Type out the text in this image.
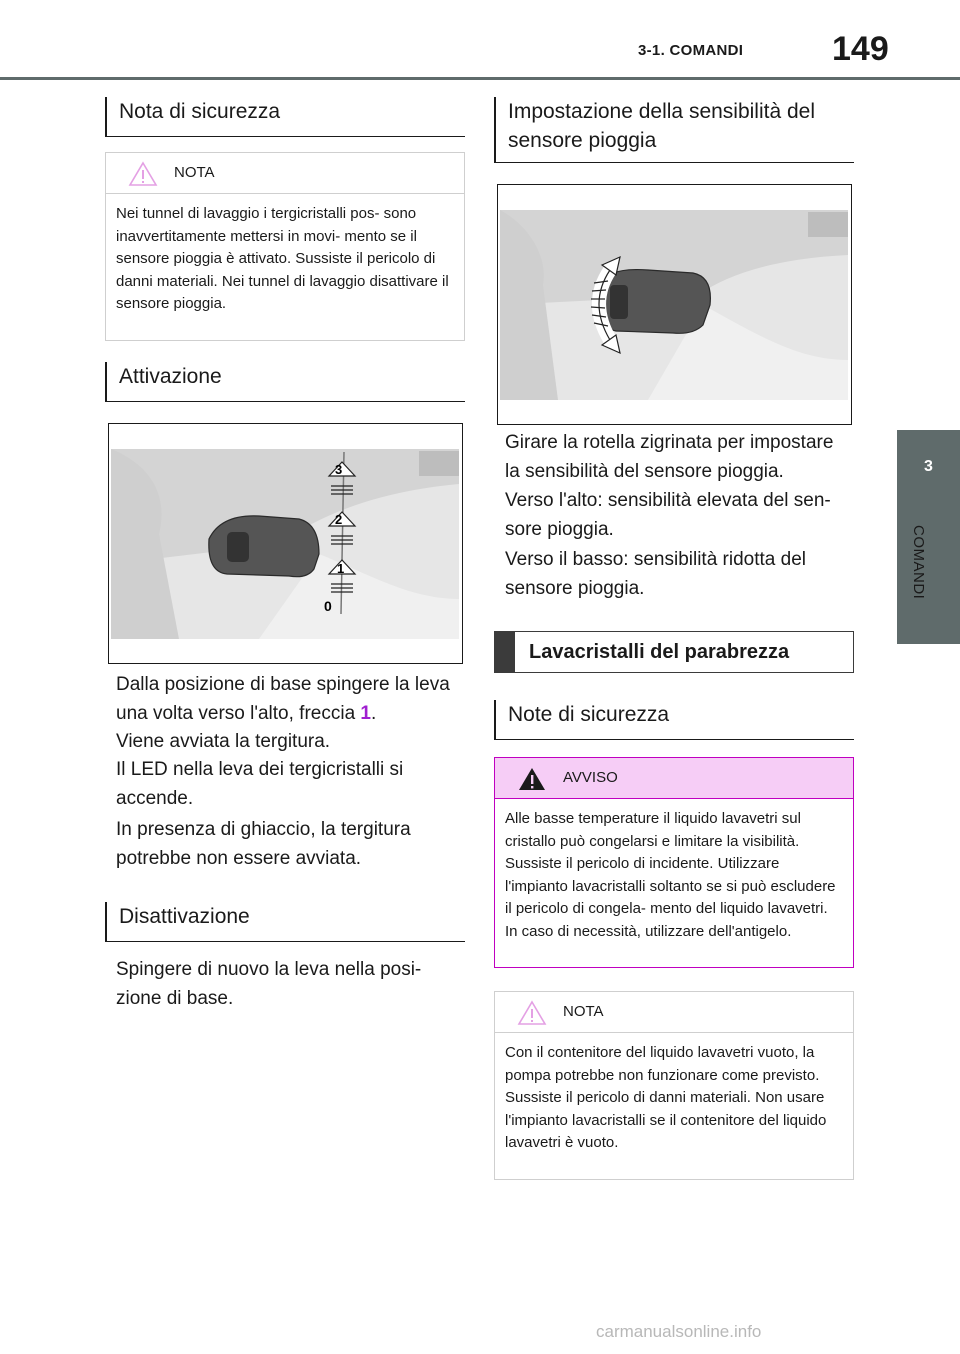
3-1. COMANDI	149
3
COMANDI
Nota di sicurezza
NOTA
Nei tunnel di lavaggio i tergicristalli pos- sono inavvertitamente mettersi in movi- mento se il sensore pioggia è attivato. Sussiste il pericolo di danni materiali. Nei tunnel di lavaggio disattivare il sensore pioggia.
Attivazione
3
2
1
0
Dalla posizione di base spingere la leva una volta verso l'alto, freccia 1.
Viene avviata la tergitura.
Il LED nella leva dei tergicristalli si accende.
In presenza di ghiaccio, la tergitura potrebbe non essere avviata.
Disattivazione
Spingere di nuovo la leva nella posi- zione di base.
Impostazione della sensibilità del sensore pioggia
Girare la rotella zigrinata per impostare la sensibilità del sensore pioggia.
Verso l'alto: sensibilità elevata del sen- sore pioggia.
Verso il basso: sensibilità ridotta del sensore pioggia.
Lavacristalli del parabrezza
Note di sicurezza
AVVISO
Alle basse temperature il liquido lavavetri sul cristallo può congelarsi e limitare la visibilità. Sussiste il pericolo di incidente. Utilizzare l'impianto lavacristalli soltanto se si può escludere il pericolo di congela- mento del liquido lavavetri. In caso di necessità, utilizzare dell'antigelo.
NOTA
Con il contenitore del liquido lavavetri vuoto, la pompa potrebbe non funzionare come previsto. Sussiste il pericolo di danni materiali. Non usare l'impianto lavacristalli se il contenitore del liquido lavavetri è vuoto.
carmanualsonline.info
